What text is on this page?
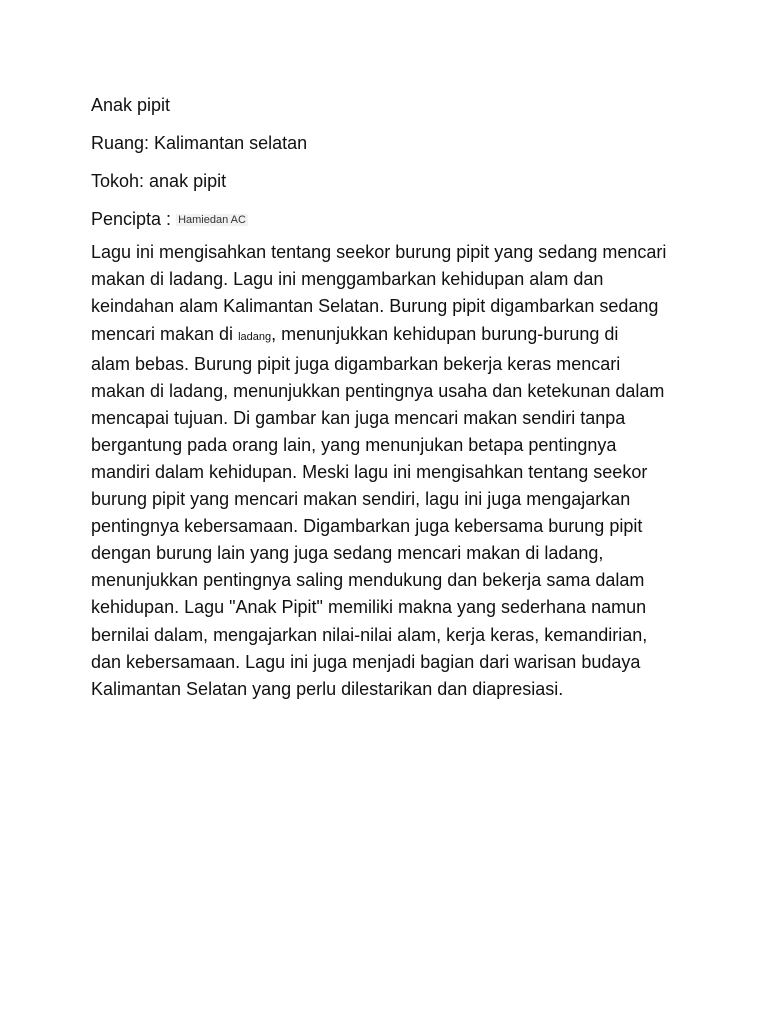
Anak pipit
Ruang: Kalimantan selatan
Tokoh: anak pipit
Pencipta : Hamiedan AC
Lagu ini mengisahkan tentang seekor burung pipit yang sedang mencari
makan di ladang. Lagu ini menggambarkan kehidupan alam dan
keindahan alam Kalimantan Selatan. Burung pipit digambarkan sedang
mencari makan di ladang, menunjukkan kehidupan burung-burung di
alam bebas. Burung pipit juga digambarkan bekerja keras mencari
makan di ladang, menunjukkan pentingnya usaha dan ketekunan dalam
mencapai tujuan. Di gambar kan juga mencari makan sendiri tanpa
bergantung pada orang lain, yang menunjukan betapa pentingnya
mandiri dalam kehidupan. Meski lagu ini mengisahkan tentang seekor
burung pipit yang mencari makan sendiri, lagu ini juga mengajarkan
pentingnya kebersamaan. Digambarkan juga kebersama burung pipit
dengan burung lain yang juga sedang mencari makan di ladang,
menunjukkan pentingnya saling mendukung dan bekerja sama dalam
kehidupan. Lagu "Anak Pipit" memiliki makna yang sederhana namun
bernilai dalam, mengajarkan nilai-nilai alam, kerja keras, kemandirian,
dan kebersamaan. Lagu ini juga menjadi bagian dari warisan budaya
Kalimantan Selatan yang perlu dilestarikan dan diapresiasi.
